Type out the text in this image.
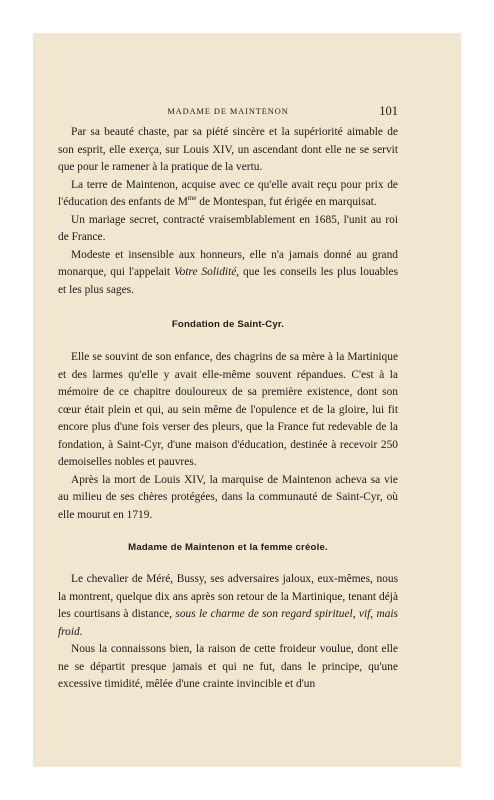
MADAME DE MAINTENON	101

Par sa beauté chaste, par sa piété sincère et la supériorité aimable de son esprit, elle exerça, sur Louis XIV, un ascendant dont elle ne se servit que pour le ramener à la pratique de la vertu.

La terre de Maintenon, acquise avec ce qu'elle avait reçu pour prix de l'éducation des enfants de $M^{me}$ de Montespan, fut érigée en marquisat.

Un mariage secret, contracté vraisemblablement en 1685, l'unit au roi de France.

Modeste et insensible aux honneurs, elle n'a jamais donné au grand monarque, qui l'appelait Votre Solidité, que les conseils les plus louables et les plus sages.

Fondation de Saint-Cyr.

Elle se souvint de son enfance, des chagrins de sa mère à la Martinique et des larmes qu'elle y avait elle-même souvent répandues. C'est à la mémoire de ce chapitre douloureux de sa première existence, dont son cœur était plein et qui, au sein même de l'opulence et de la gloire, lui fit encore plus d'une fois verser des pleurs, que la France fut redevable de la fondation, à Saint-Cyr, d'une maison d'éducation, destinée à recevoir 250 demoiselles nobles et pauvres.

Après la mort de Louis XIV, la marquise de Maintenon acheva sa vie au milieu de ses chères protégées, dans la communauté de Saint-Cyr, où elle mourut en 1719.

Madame de Maintenon et la femme créole.

Le chevalier de Méré, Bussy, ses adversaires jaloux, eux-mêmes, nous la montrent, quelque dix ans après son retour de la Martinique, tenant déjà les courtisans à distance, sous le charme de son regard spirituel, vif, mais froid.

Nous la connaissons bien, la raison de cette froideur voulue, dont elle ne se départit presque jamais et qui ne fut, dans le principe, qu'une excessive timidité, mêlée d'une crainte invincible et d'un
